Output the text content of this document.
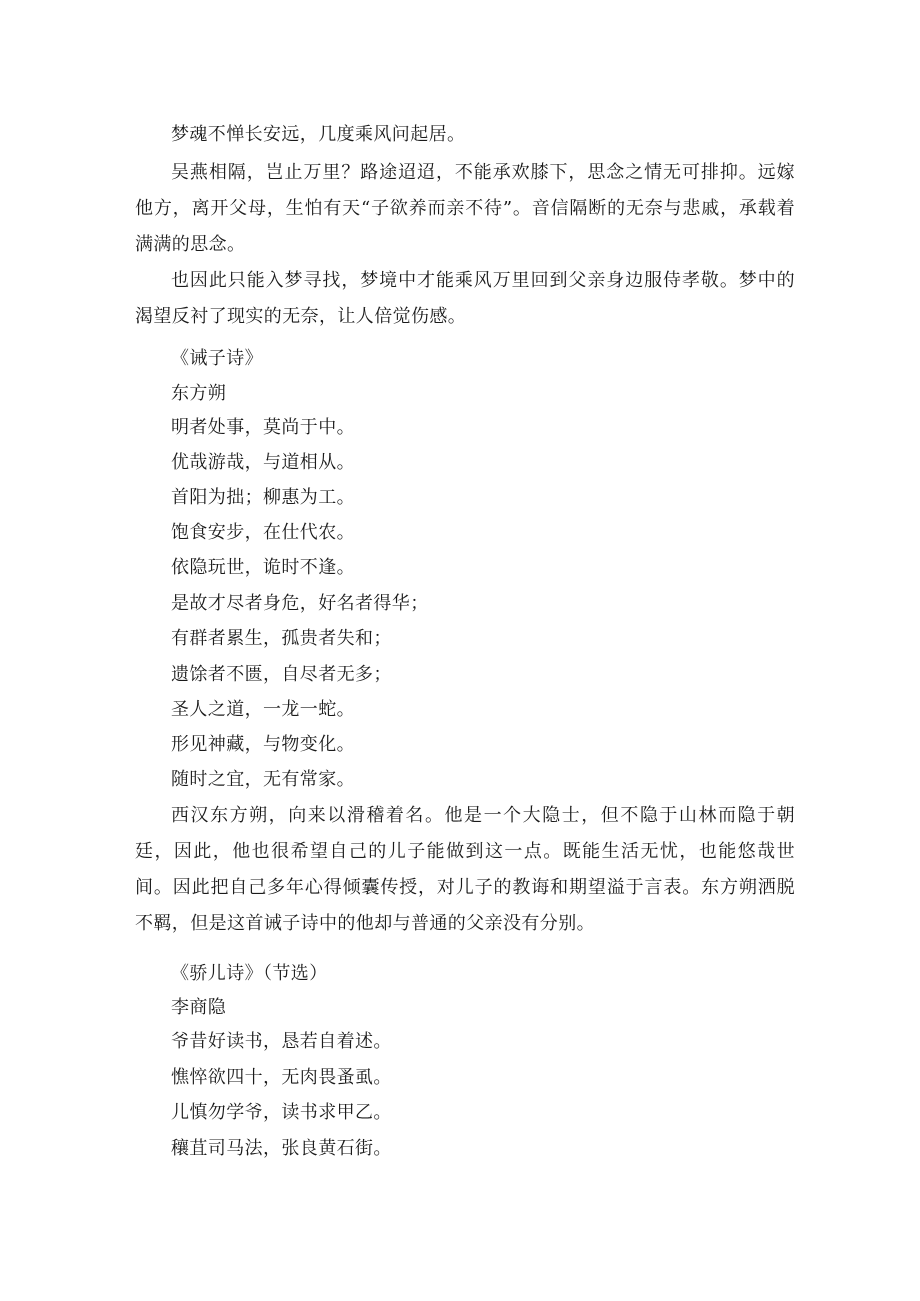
梦魂不惮长安远，几度乘风问起居。
吴燕相隔，岂止万里？路途迢迢，不能承欢膝下，思念之情无可排抑。远嫁他方，离开父母，生怕有天“子欲养而亲不待”。音信隔断的无奈与悲戚，承载着满满的思念。
也因此只能入梦寻找，梦境中才能乘风万里回到父亲身边服侍孝敬。梦中的渴望反衬了现实的无奈，让人倍觉伤感。
《诫子诗》
东方朔
明者处事，莫尚于中。
优哉游哉，与道相从。
首阳为拙；柳惠为工。
饱食安步，在仕代农。
依隐玩世，诡时不逢。
是故才尽者身危，好名者得华；
有群者累生，孤贵者失和；
遗馀者不匮，自尽者无多；
圣人之道，一龙一蛇。
形见神藏，与物变化。
随时之宜，无有常家。
西汉东方朔，向来以滑稽着名。他是一个大隐士，但不隐于山林而隐于朝廷，因此，他也很希望自己的儿子能做到这一点。既能生活无忧，也能悠哉世间。因此把自己多年心得倾囊传授，对儿子的教诲和期望溢于言表。东方朔洒脱不羁，但是这首诫子诗中的他却与普通的父亲没有分别。
《骄儿诗》（节选）
李商隐
爷昔好读书，恳若自着述。
憔悴欲四十，无肉畏蚤虱。
儿慎勿学爷，读书求甲乙。
穰苴司马法，张良黄石街。
